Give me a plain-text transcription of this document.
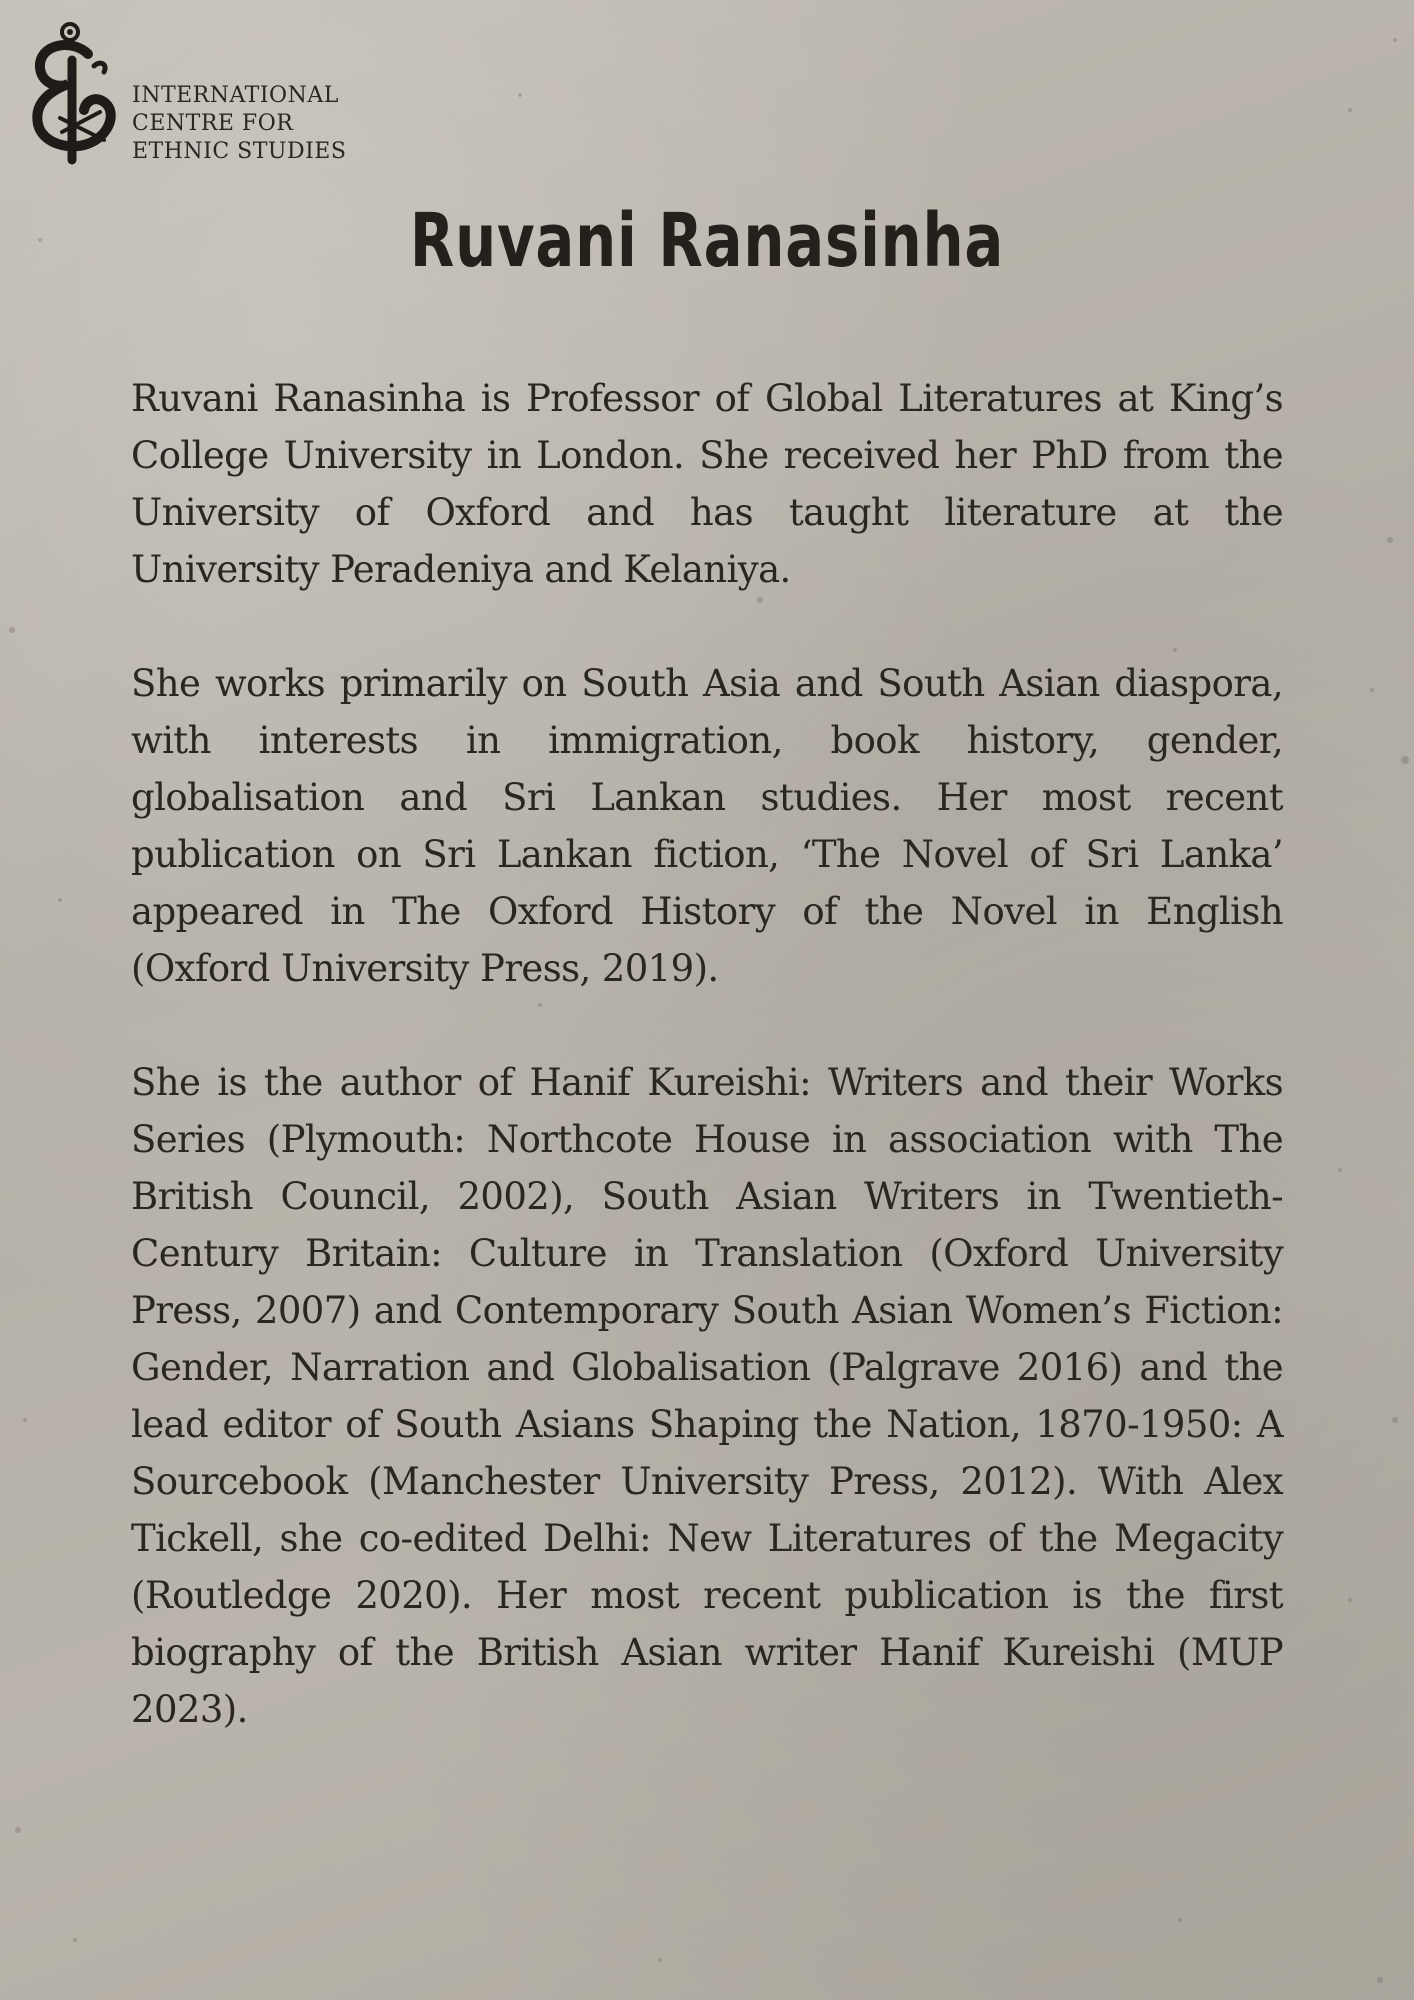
INTERNATIONAL
CENTRE FOR
ETHNIC STUDIES
Ruvani Ranasinha

Ruvani Ranasinha is Professor of Global Literatures at King’s College University in London. She received her PhD from the University of Oxford and has taught literature at the University Peradeniya and Kelaniya.

She works primarily on South Asia and South Asian diaspora, with interests in immigration, book history, gender, globalisation and Sri Lankan studies. Her most recent publication on Sri Lankan fiction, ‘The Novel of Sri Lanka’ appeared in The Oxford History of the Novel in English (Oxford University Press, 2019).

She is the author of Hanif Kureishi: Writers and their Works Series (Plymouth: Northcote House in association with The British Council, 2002), South Asian Writers in Twentieth-Century Britain: Culture in Translation (Oxford University Press, 2007) and Contemporary South Asian Women’s Fiction: Gender, Narration and Globalisation (Palgrave 2016) and the lead editor of South Asians Shaping the Nation, 1870-1950: A Sourcebook (Manchester University Press, 2012). With Alex Tickell, she co-edited Delhi: New Literatures of the Megacity (Routledge 2020). Her most recent publication is the first biography of the British Asian writer Hanif Kureishi (MUP 2023).
